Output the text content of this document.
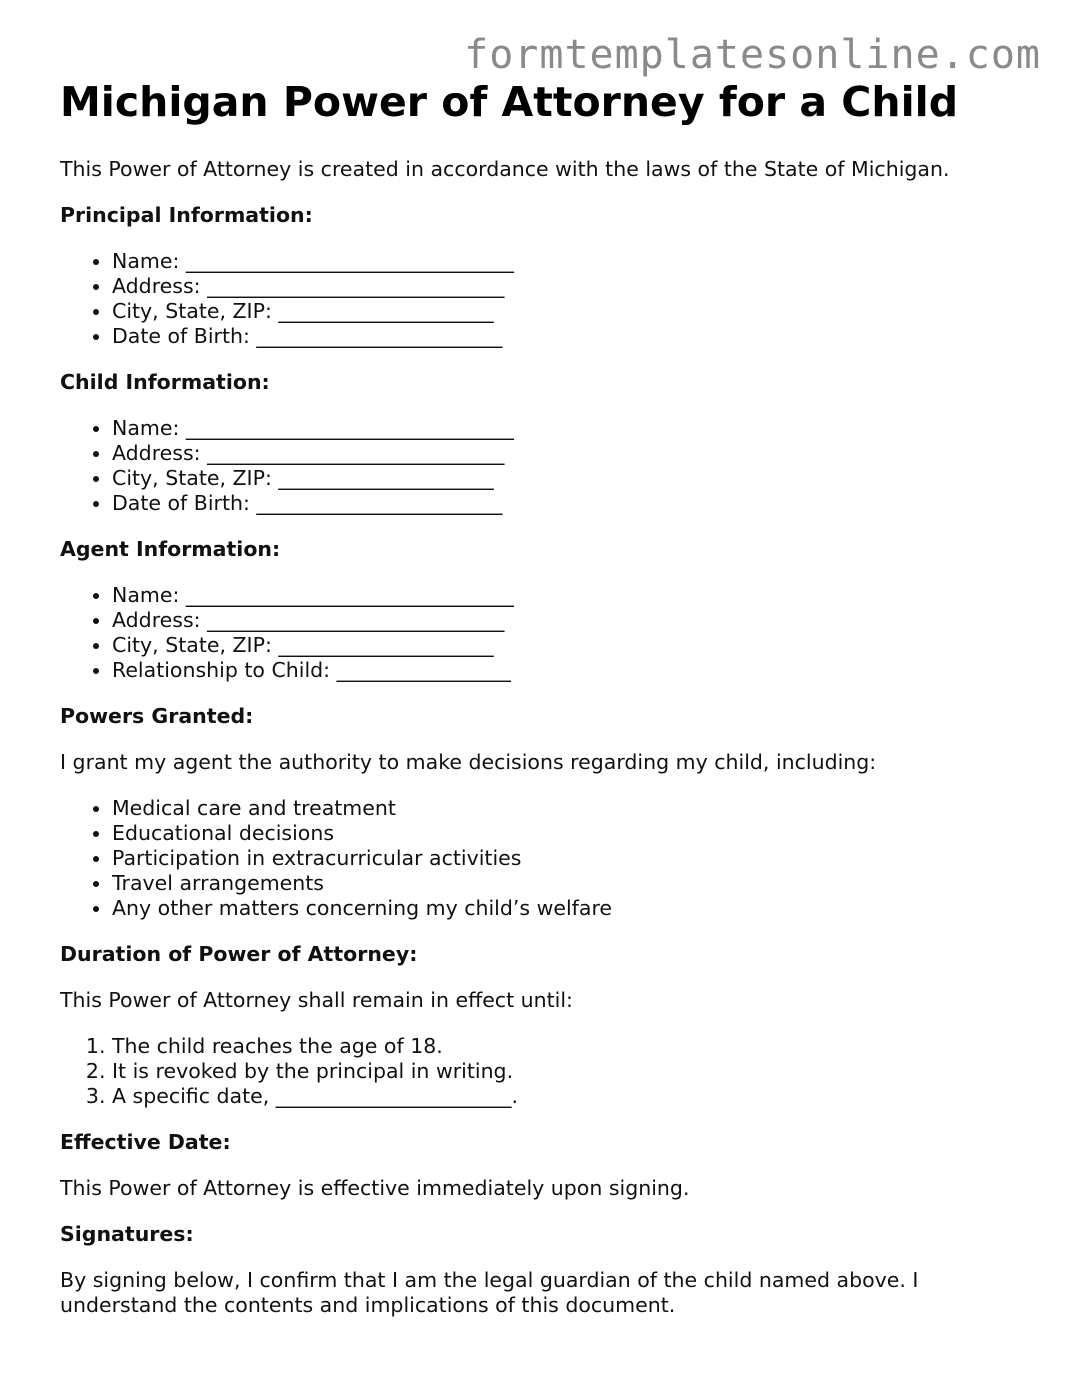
formtemplatesonline.com
Michigan Power of Attorney for a Child

This Power of Attorney is created in accordance with the laws of the State of Michigan.

Principal Information:
• Name: ________________________________
• Address: _____________________________
• City, State, ZIP: _____________________
• Date of Birth: ________________________
Child Information:
• Name: ________________________________
• Address: _____________________________
• City, State, ZIP: _____________________
• Date of Birth: ________________________
Agent Information:
• Name: ________________________________
• Address: _____________________________
• City, State, ZIP: _____________________
• Relationship to Child: _________________
Powers Granted:

I grant my agent the authority to make decisions regarding my child, including:

• Medical care and treatment
• Educational decisions
• Participation in extracurricular activities
• Travel arrangements
• Any other matters concerning my child’s welfare
Duration of Power of Attorney:

This Power of Attorney shall remain in effect until:

1. The child reaches the age of 18.
2. It is revoked by the principal in writing.
3. A specific date, _______________________.
Effective Date:

This Power of Attorney is effective immediately upon signing.

Signatures:

By signing below, I confirm that I am the legal guardian of the child named above. I understand the contents and implications of this document.
